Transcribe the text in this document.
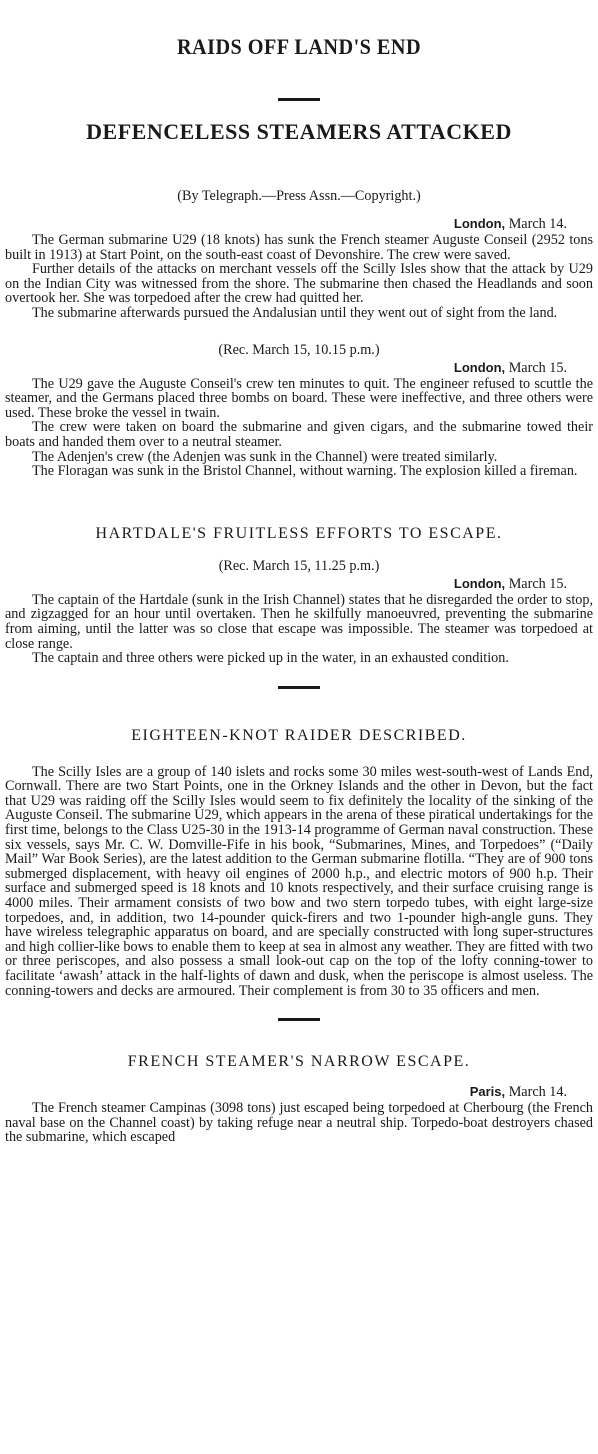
RAIDS OFF LAND'S END
DEFENCELESS STEAMERS ATTACKED

(By Telegraph.—Press Assn.—Copyright.)

London, March 14.

The German submarine U29 (18 knots) has sunk the French steamer Auguste Conseil (2952 tons built in 1913) at Start Point, on the south-east coast of Devonshire. The crew were saved.

Further details of the attacks on merchant vessels off the Scilly Isles show that the attack by U29 on the Indian City was witnessed from the shore. The submarine then chased the Headlands and soon overtook her. She was torpedoed after the crew had quitted her.

The submarine afterwards pursued the Andalusian until they went out of sight from the land.

(Rec. March 15, 10.15 p.m.)

London, March 15.

The U29 gave the Auguste Conseil's crew ten minutes to quit. The engineer refused to scuttle the steamer, and the Germans placed three bombs on board. These were ineffective, and three others were used. These broke the vessel in twain.

The crew were taken on board the submarine and given cigars, and the submarine towed their boats and handed them over to a neutral steamer.

The Adenjen's crew (the Adenjen was sunk in the Channel) were treated similarly.

The Floragan was sunk in the Bristol Channel, without warning. The explosion killed a fireman.

HARTDALE'S FRUITLESS EFFORTS TO ESCAPE.

(Rec. March 15, 11.25 p.m.)

London, March 15.

The captain of the Hartdale (sunk in the Irish Channel) states that he disregarded the order to stop, and zigzagged for an hour until overtaken. Then he skilfully manoeuvred, preventing the submarine from aiming, until the latter was so close that escape was impossible. The steamer was torpedoed at close range.

The captain and three others were picked up in the water, in an exhausted condition.

EIGHTEEN-KNOT RAIDER DESCRIBED.

The Scilly Isles are a group of 140 islets and rocks some 30 miles west-south-west of Lands End, Cornwall. There are two Start Points, one in the Orkney Islands and the other in Devon, but the fact that U29 was raiding off the Scilly Isles would seem to fix definitely the locality of the sinking of the Auguste Conseil. The submarine U29, which appears in the arena of these piratical undertakings for the first time, belongs to the Class U25-30 in the 1913-14 programme of German naval construction. These six vessels, says Mr. C. W. Domville-Fife in his book, “Submarines, Mines, and Torpedoes” (“Daily Mail” War Book Series), are the latest addition to the German submarine flotilla. “They are of 900 tons submerged displacement, with heavy oil engines of 2000 h.p., and electric motors of 900 h.p. Their surface and submerged speed is 18 knots and 10 knots respectively, and their surface cruising range is 4000 miles. Their armament consists of two bow and two stern torpedo tubes, with eight large-size torpedoes, and, in addition, two 14-pounder quick-firers and two 1-pounder high-angle guns. They have wireless telegraphic apparatus on board, and are specially constructed with long super-structures and high collier-like bows to enable them to keep at sea in almost any weather. They are fitted with two or three periscopes, and also possess a small look-out cap on the top of the lofty conning-tower to facilitate ‘awash’ attack in the half-lights of dawn and dusk, when the periscope is almost useless. The conning-towers and decks are armoured. Their complement is from 30 to 35 officers and men.

FRENCH STEAMER'S NARROW ESCAPE.

Paris, March 14.

The French steamer Campinas (3098 tons) just escaped being torpedoed at Cherbourg (the French naval base on the Channel coast) by taking refuge near a neutral ship. Torpedo-boat destroyers chased the submarine, which escaped
